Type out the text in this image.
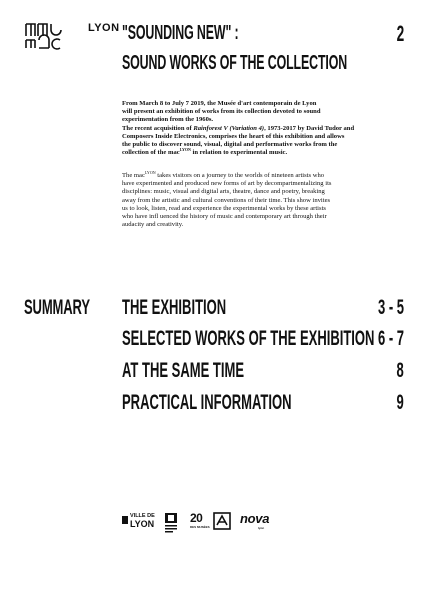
LYON "SOUNDING NEW" :
SOUND WORKS OF THE COLLECTION
2
From March 8 to July 7 2019, the Musée d'art contemporain de Lyon
will present an exhibition of works from its collection devoted to sound
experimentation from the 1960s.
The recent acquisition of Rainforest V (Variation 4), 1973-2017 by David Tudor and
Composers Inside Electronics, comprises the heart of this exhibition and allows
the public to discover sound, visual, digital and performative works from the
collection of the mac$^{LYON}$ in relation to experimental music.
The mac$^{LYON}$ takes visitors on a journey to the worlds of nineteen artists who
have experimented and produced new forms of art by decompartmentalizing its
disciplines: music, visual and digital arts, theatre, dance and poetry, breaking
away from the artistic and cultural conventions of their time. This show invites
us to look, listen, read and experience the experimental works by these artists
who have infl uenced the history of music and contemporary art through their
audacity and creativity.
SUMMARY THE EXHIBITION	3 - 5
SELECTED WORKS OF THE EXHIBITION 6 - 7
AT THE SAME TIME	8
PRACTICAL INFORMATION	9
VILLE DE
LYON	20
DES MUSÉES
nova
lyon
